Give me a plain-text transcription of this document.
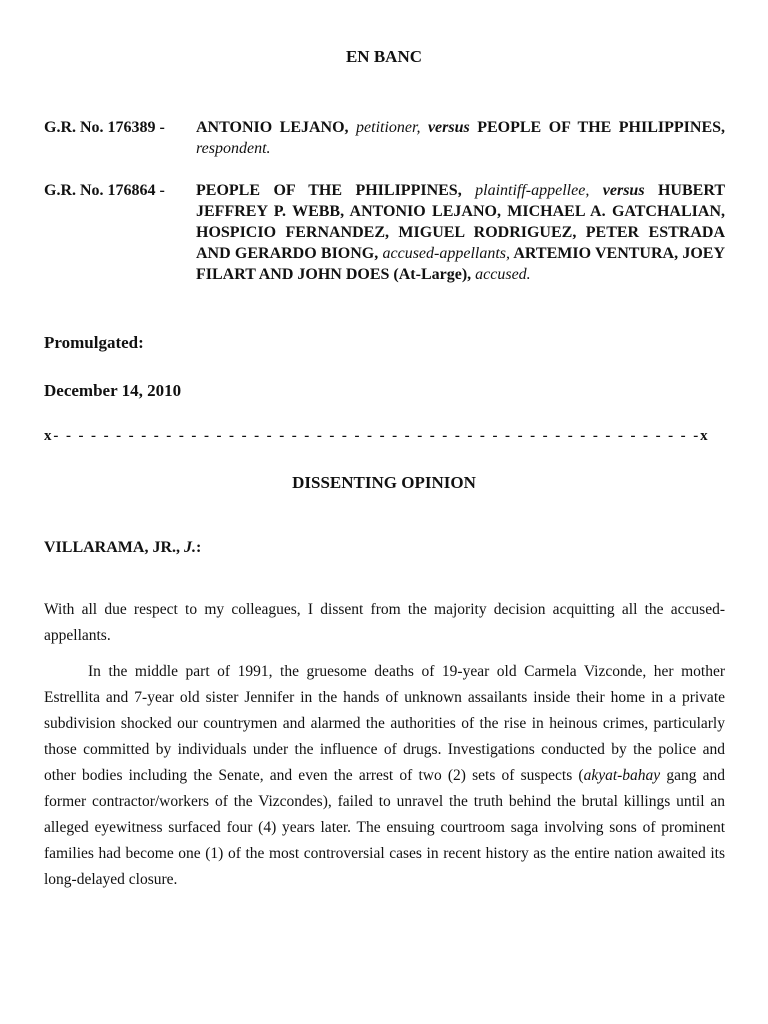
EN BANC
G.R. No. 176389 - ANTONIO LEJANO, petitioner, versus PEOPLE OF THE PHILIPPINES, respondent.
G.R. No. 176864 - PEOPLE OF THE PHILIPPINES, plaintiff-appellee, versus HUBERT JEFFREY P. WEBB, ANTONIO LEJANO, MICHAEL A. GATCHALIAN, HOSPICIO FERNANDEZ, MIGUEL RODRIGUEZ, PETER ESTRADA AND GERARDO BIONG, accused-appellants, ARTEMIO VENTURA, JOEY FILART AND JOHN DOES (At-Large), accused.
Promulgated:
December 14, 2010
x- - - - - - - - - - - - - - - - - - - - - - - - - - - - - - - - - - - - - - - - - - - - - - - - - - - -x
DISSENTING OPINION
VILLARAMA, JR., J.:

With all due respect to my colleagues, I dissent from the majority decision acquitting all the accused-appellants.

In the middle part of 1991, the gruesome deaths of 19-year old Carmela Vizconde, her mother Estrellita and 7-year old sister Jennifer in the hands of unknown assailants inside their home in a private subdivision shocked our countrymen and alarmed the authorities of the rise in heinous crimes, particularly those committed by individuals under the influence of drugs. Investigations conducted by the police and other bodies including the Senate, and even the arrest of two (2) sets of suspects (akyat-bahay gang and former contractor/workers of the Vizcondes), failed to unravel the truth behind the brutal killings until an alleged eyewitness surfaced four (4) years later. The ensuing courtroom saga involving sons of prominent families had become one (1) of the most controversial cases in recent history as the entire nation awaited its long-delayed closure.
